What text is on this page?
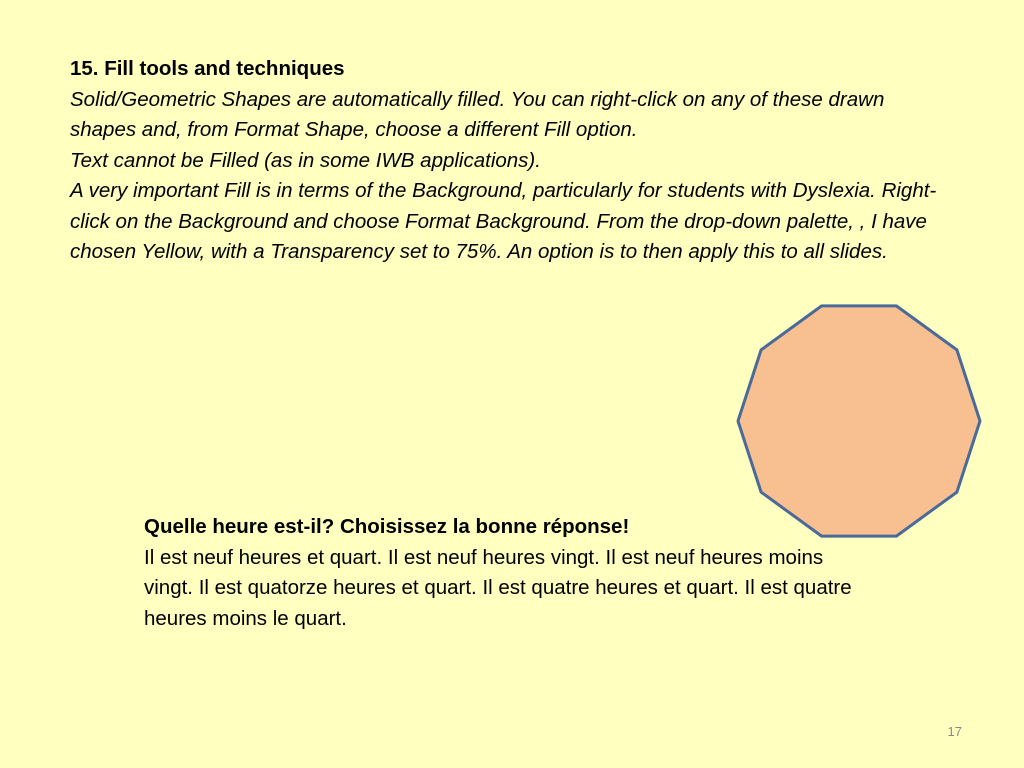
15. Fill tools and techniques
Solid/Geometric Shapes are automatically filled. You can right-click on any of these drawn shapes and, from Format Shape, choose a different Fill option.
Text cannot be Filled (as in some IWB applications).
A very important Fill is in terms of the Background, particularly for students with Dyslexia. Right-click on the Background and choose Format Background. From the drop-down palette, , I have chosen Yellow, with a Transparency set to 75%. An option is to then apply this to all slides.
Quelle heure est-il? Choisissez la bonne réponse!
Il est neuf heures et quart. Il est neuf heures vingt. Il est neuf heures moins vingt. Il est quatorze heures et quart. Il est quatre heures et quart. Il est quatre heures moins le quart.
17
